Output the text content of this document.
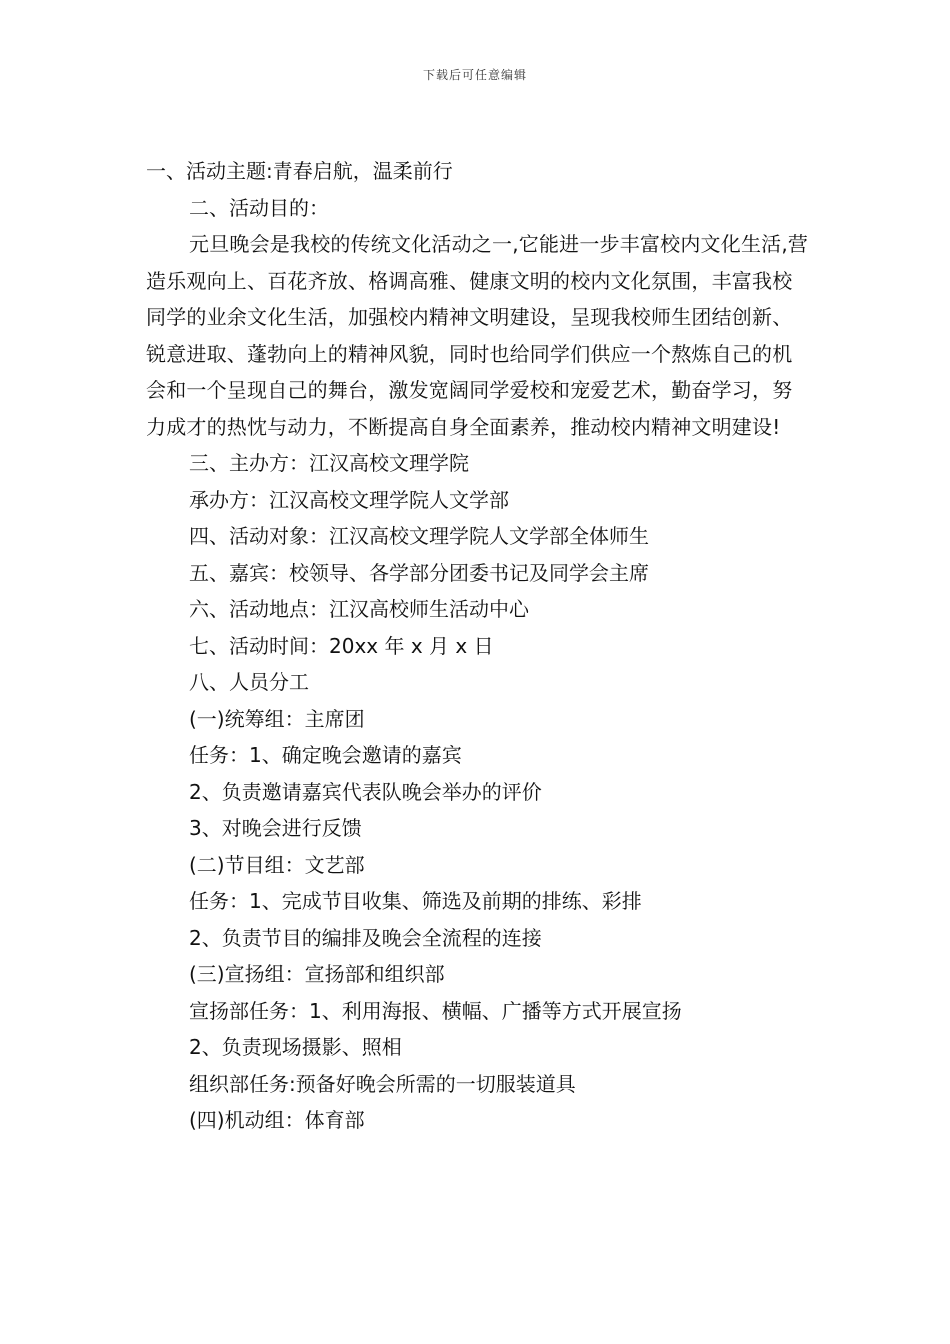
下载后可任意编辑
一、活动主题:青春启航，温柔前行
二、活动目的：

元旦晚会是我校的传统文化活动之一,它能进一步丰富校内文化生活,营造乐观向上、百花齐放、格调高雅、健康文明的校内文化氛围，丰富我校同学的业余文化生活，加强校内精神文明建设，呈现我校师生团结创新、锐意进取、蓬勃向上的精神风貌，同时也给同学们供应一个熬炼自己的机会和一个呈现自己的舞台，激发宽阔同学爱校和宠爱艺术，勤奋学习，努力成才的热忱与动力，不断提高自身全面素养，推动校内精神文明建设!

三、主办方：江汉高校文理学院
承办方：江汉高校文理学院人文学部
四、活动对象：江汉高校文理学院人文学部全体师生
五、嘉宾：校领导、各学部分团委书记及同学会主席
六、活动地点：江汉高校师生活动中心
七、活动时间：20xx 年 x 月 x 日
八、人员分工
(一)统筹组：主席团
任务：1、确定晚会邀请的嘉宾
2、负责邀请嘉宾代表队晚会举办的评价
3、对晚会进行反馈
(二)节目组：文艺部
任务：1、完成节目收集、筛选及前期的排练、彩排
2、负责节目的编排及晚会全流程的连接
(三)宣扬组：宣扬部和组织部
宣扬部任务：1、利用海报、横幅、广播等方式开展宣扬
2、负责现场摄影、照相
组织部任务:预备好晚会所需的一切服装道具
(四)机动组：体育部
